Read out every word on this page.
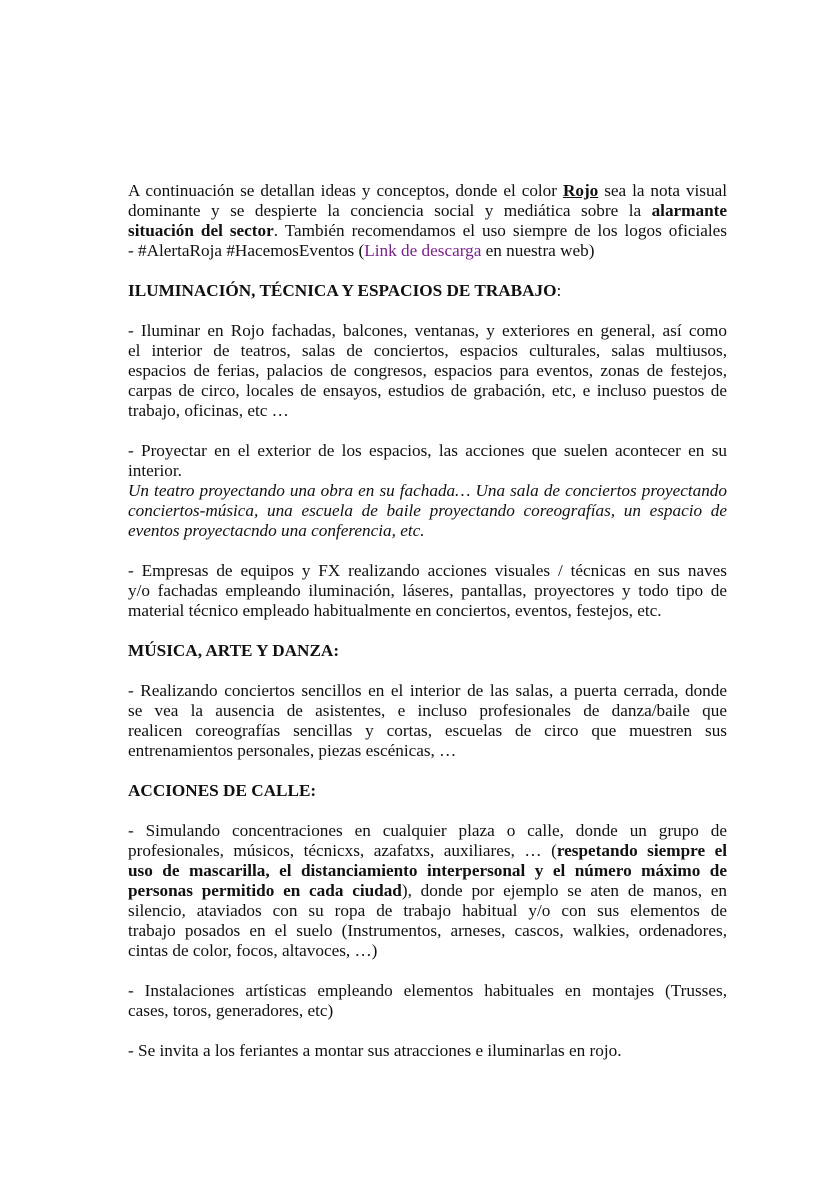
A continuación se detallan ideas y conceptos, donde el color Rojo sea la nota visual
dominante y se despierte la conciencia social y mediática sobre la alarmante
situación del sector. También recomendamos el uso siempre de los logos oficiales
- #AlertaRoja #HacemosEventos (Link de descarga en nuestra web)
ILUMINACIÓN, TÉCNICA Y ESPACIOS DE TRABAJO:
- Iluminar en Rojo fachadas, balcones, ventanas, y exteriores en general, así como
el interior de teatros, salas de conciertos, espacios culturales, salas multiusos,
espacios de ferias, palacios de congresos, espacios para eventos, zonas de festejos,
carpas de circo, locales de ensayos, estudios de grabación, etc, e incluso puestos de
trabajo, oficinas, etc …
- Proyectar en el exterior de los espacios, las acciones que suelen acontecer en su
interior.
Un teatro proyectando una obra en su fachada… Una sala de conciertos proyectando
conciertos-música, una escuela de baile proyectando coreografías, un espacio de
eventos proyectacndo una conferencia, etc.
- Empresas de equipos y FX realizando acciones visuales / técnicas en sus naves
y/o fachadas empleando iluminación, láseres, pantallas, proyectores y todo tipo de
material técnico empleado habitualmente en conciertos, eventos, festejos, etc.
MÚSICA, ARTE Y DANZA:
- Realizando conciertos sencillos en el interior de las salas, a puerta cerrada, donde
se vea la ausencia de asistentes, e incluso profesionales de danza/baile que
realicen coreografías sencillas y cortas, escuelas de circo que muestren sus
entrenamientos personales, piezas escénicas, …
ACCIONES DE CALLE:
- Simulando concentraciones en cualquier plaza o calle, donde un grupo de
profesionales, músicos, técnicxs, azafatxs, auxiliares, … (respetando siempre el
uso de mascarilla, el distanciamiento interpersonal y el número máximo de
personas permitido en cada ciudad), donde por ejemplo se aten de manos, en
silencio, ataviados con su ropa de trabajo habitual y/o con sus elementos de
trabajo posados en el suelo (Instrumentos, arneses, cascos, walkies, ordenadores,
cintas de color, focos, altavoces, …)
- Instalaciones artísticas empleando elementos habituales en montajes (Trusses,
cases, toros, generadores, etc)
- Se invita a los feriantes a montar sus atracciones e iluminarlas en rojo.
